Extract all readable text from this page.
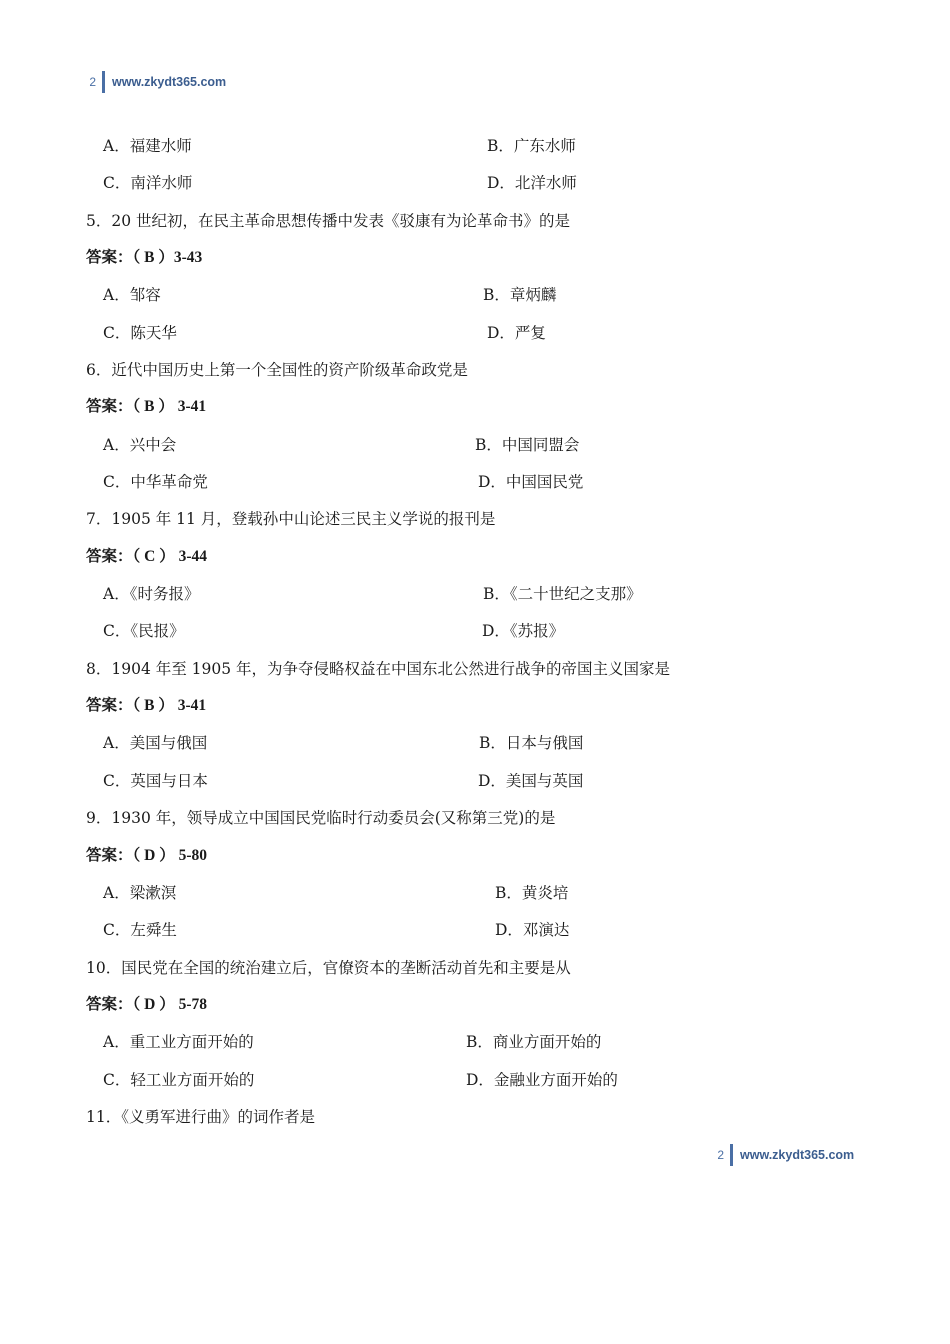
2 www.zkydt365.com
A．福建水师	B．广东水师
C．南洋水师	D．北洋水师
5．20 世纪初，在民主革命思想传播中发表《驳康有为论革命书》的是
答案：（ B ）3-43
A．邹容	B．章炳麟
C．陈天华	D．严复
6．近代中国历史上第一个全国性的资产阶级革命政党是
答案：（ B ） 3-41
A．兴中会	B．中国同盟会
C．中华革命党	D．中国国民党
7．1905 年 11 月，登载孙中山论述三民主义学说的报刊是
答案：（ C ） 3-44
A．《时务报》	B．《二十世纪之支那》
C．《民报》	D．《苏报》
8．1904 年至 1905 年，为争夺侵略权益在中国东北公然进行战争的帝国主义国家是
答案：（ B ） 3-41
A．美国与俄国	B．日本与俄国
C．英国与日本	D．美国与英国
9．1930 年，领导成立中国国民党临时行动委员会(又称第三党)的是
答案：（ D ） 5-80
A．梁漱溟	B．黄炎培
C．左舜生	D．邓演达
10．国民党在全国的统治建立后，官僚资本的垄断活动首先和主要是从
答案：（ D ） 5-78
A．重工业方面开始的	B．商业方面开始的
C．轻工业方面开始的	D．金融业方面开始的
11．《义勇军进行曲》的词作者是
2 www.zkydt365.com
